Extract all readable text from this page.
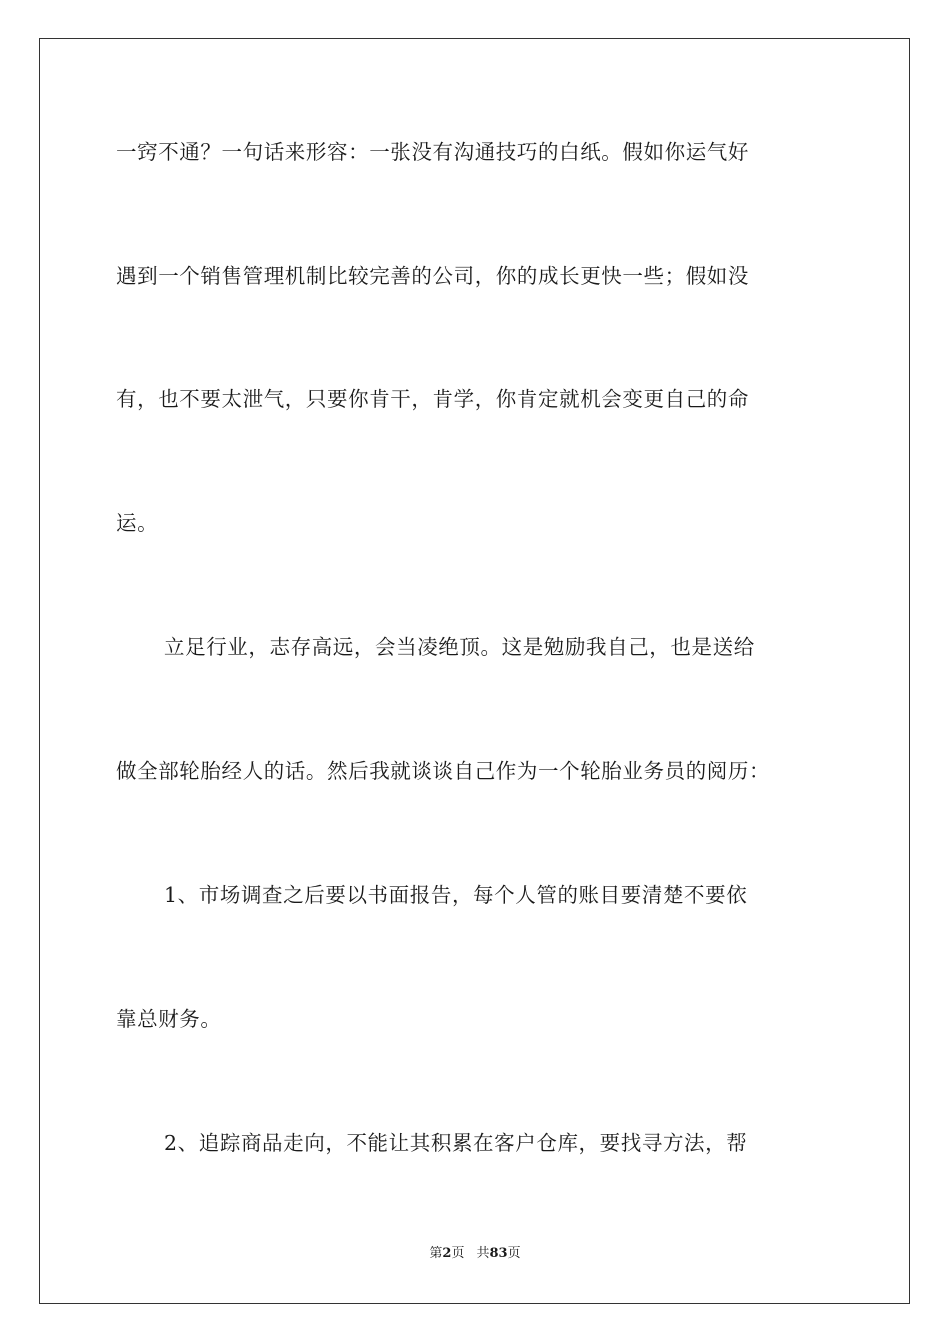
一窍不通？一句话来形容：一张没有沟通技巧的白纸。假如你运气好
遇到一个销售管理机制比较完善的公司，你的成长更快一些；假如没
有，也不要太泄气，只要你肯干，肯学，你肯定就机会变更自己的命
运。
立足行业，志存高远，会当凌绝顶。这是勉励我自己，也是送给
做全部轮胎经人的话。然后我就谈谈自己作为一个轮胎业务员的阅历：
1、市场调查之后要以书面报告，每个人管的账目要清楚不要依
靠总财务。
2、追踪商品走向，不能让其积累在客户仓库，要找寻方法，帮
第2页 共83页
